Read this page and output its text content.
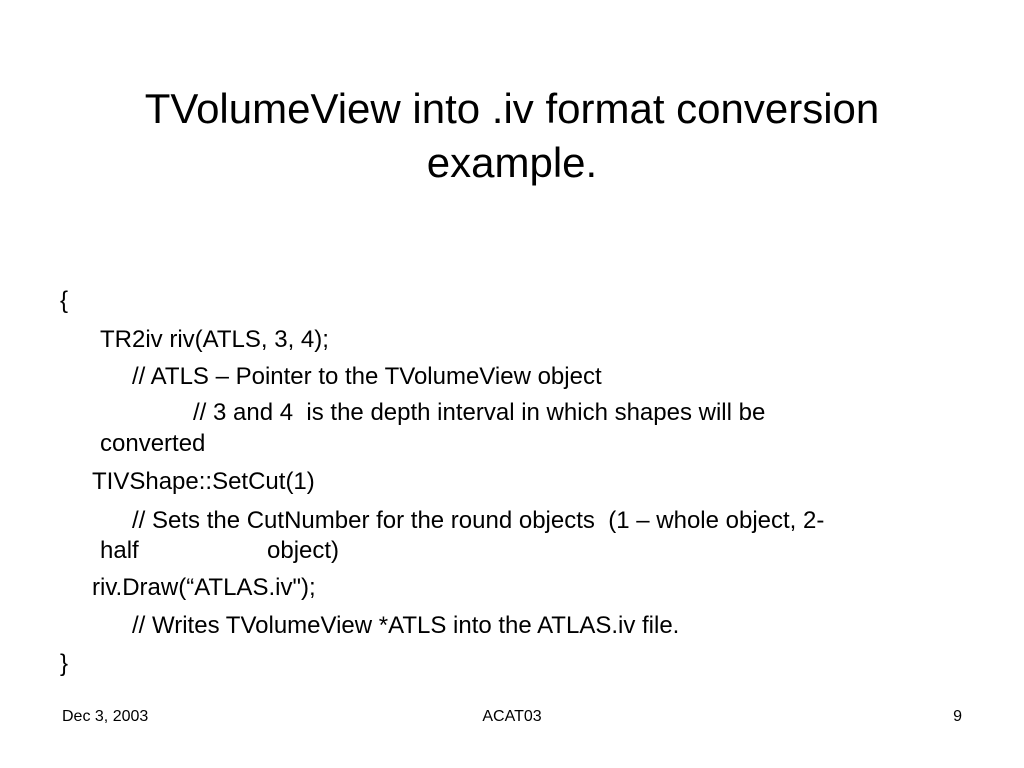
TVolumeView into .iv format conversion
example.
{
TR2iv riv(ATLS, 3, 4);
// ATLS – Pointer to the TVolumeView object
// 3 and 4  is the depth interval in which shapes will be
converted
TIVShape::SetCut(1)
// Sets the CutNumber for the round objects  (1 – whole object, 2-
half	object)
riv.Draw(“ATLAS.iv");
// Writes TVolumeView *ATLS into the ATLAS.iv file.
}
Dec 3, 2003	ACAT03	9
